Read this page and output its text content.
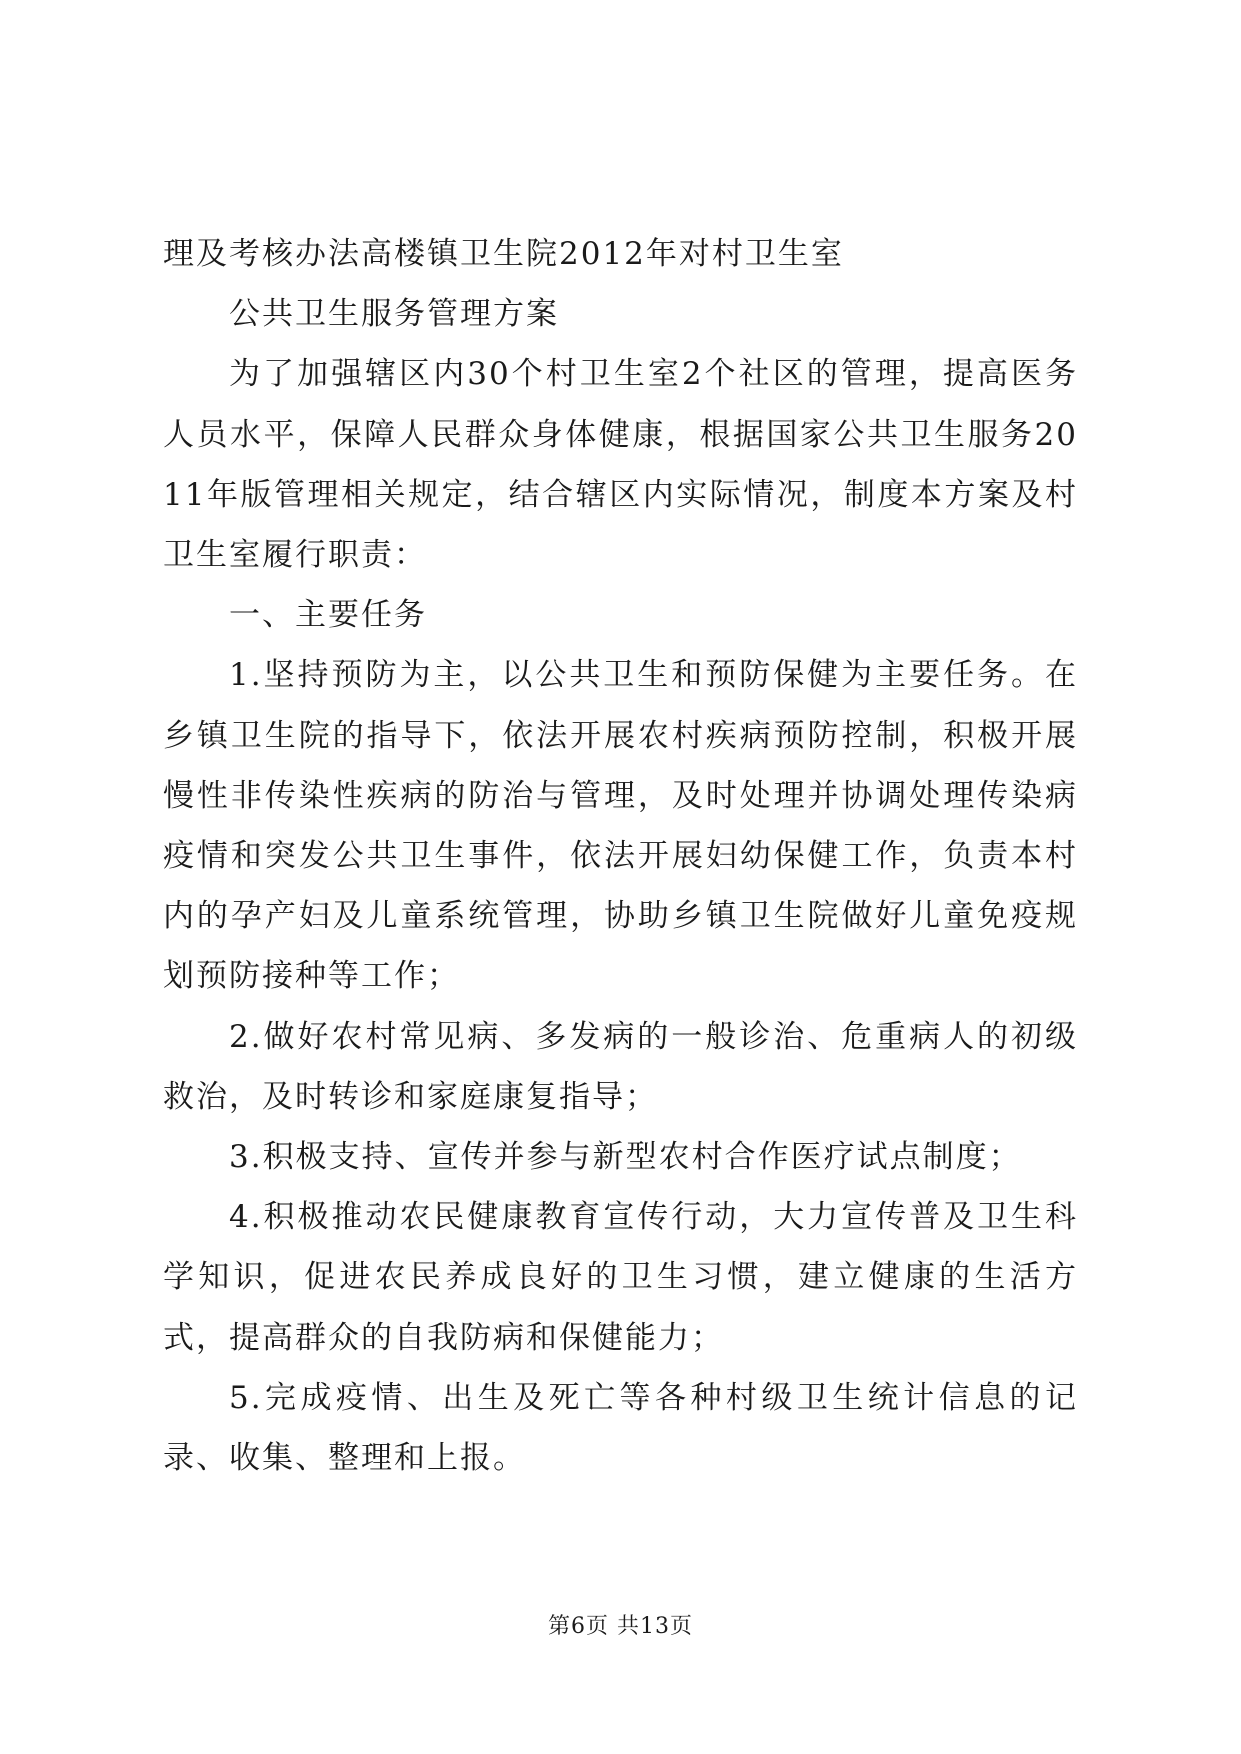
理及考核办法高楼镇卫生院2012年对村卫生室

公共卫生服务管理方案

为了加强辖区内30个村卫生室2个社区的管理，提高医务人员水平，保障人民群众身体健康，根据国家公共卫生服务2011年版管理相关规定，结合辖区内实际情况，制度本方案及村卫生室履行职责：

一、主要任务

1.坚持预防为主，以公共卫生和预防保健为主要任务。在乡镇卫生院的指导下，依法开展农村疾病预防控制，积极开展慢性非传染性疾病的防治与管理，及时处理并协调处理传染病疫情和突发公共卫生事件，依法开展妇幼保健工作，负责本村内的孕产妇及儿童系统管理，协助乡镇卫生院做好儿童免疫规划预防接种等工作；

2.做好农村常见病、多发病的一般诊治、危重病人的初级救治，及时转诊和家庭康复指导；

3.积极支持、宣传并参与新型农村合作医疗试点制度；

4.积极推动农民健康教育宣传行动，大力宣传普及卫生科学知识，促进农民养成良好的卫生习惯，建立健康的生活方式，提高群众的自我防病和保健能力；

5.完成疫情、出生及死亡等各种村级卫生统计信息的记录、收集、整理和上报。

第6页 共13页
